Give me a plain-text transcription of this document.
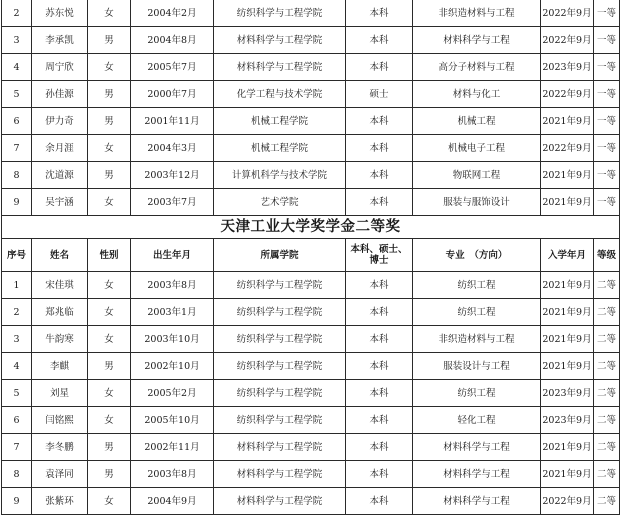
2	苏东悦	女	2004年2月	纺织科学与工程学院	本科	非织造材料与工程	2022年9月	一等
3	李承凯	男	2004年8月	材料科学与工程学院	本科	材料科学与工程	2022年9月	一等
4	周宁欣	女	2005年7月	材料科学与工程学院	本科	高分子材料与工程	2023年9月	一等
5	孙佳源	男	2000年7月	化学工程与技术学院	硕士	材料与化工	2022年9月	一等
6	伊力奇	男	2001年11月	机械工程学院	本科	机械工程	2021年9月	一等
7	余月涯	女	2004年3月	机械工程学院	本科	机械电子工程	2022年9月	一等
8	沈道源	男	2003年12月	计算机科学与技术学院	本科	物联网工程	2021年9月	一等
9	吴宇涵	女	2003年7月	艺术学院	本科	服装与服饰设计	2021年9月	一等
天津工业大学奖学金二等奖								
序号	姓名	性别	出生年月	所属学院	本科、硕士、博士	专业　（方向）	入学年月	等级
1	宋佳琪	女	2003年8月	纺织科学与工程学院	本科	纺织工程	2021年9月	二等
2	郑兆临	女	2003年1月	纺织科学与工程学院	本科	纺织工程	2021年9月	二等
3	牛韵寒	女	2003年10月	纺织科学与工程学院	本科	非织造材料与工程	2021年9月	二等
4	李麒	男	2002年10月	纺织科学与工程学院	本科	服装设计与工程	2021年9月	二等
5	刘星	女	2005年2月	纺织科学与工程学院	本科	纺织工程	2023年9月	二等
6	闫铭熙	女	2005年10月	纺织科学与工程学院	本科	轻化工程	2023年9月	二等
7	李冬鹏	男	2002年11月	材料科学与工程学院	本科	材料科学与工程	2021年9月	二等
8	袁泽同	男	2003年8月	材料科学与工程学院	本科	材料科学与工程	2021年9月	二等
9	张紫环	女	2004年9月	材料科学与工程学院	本科	材料科学与工程	2022年9月	二等
